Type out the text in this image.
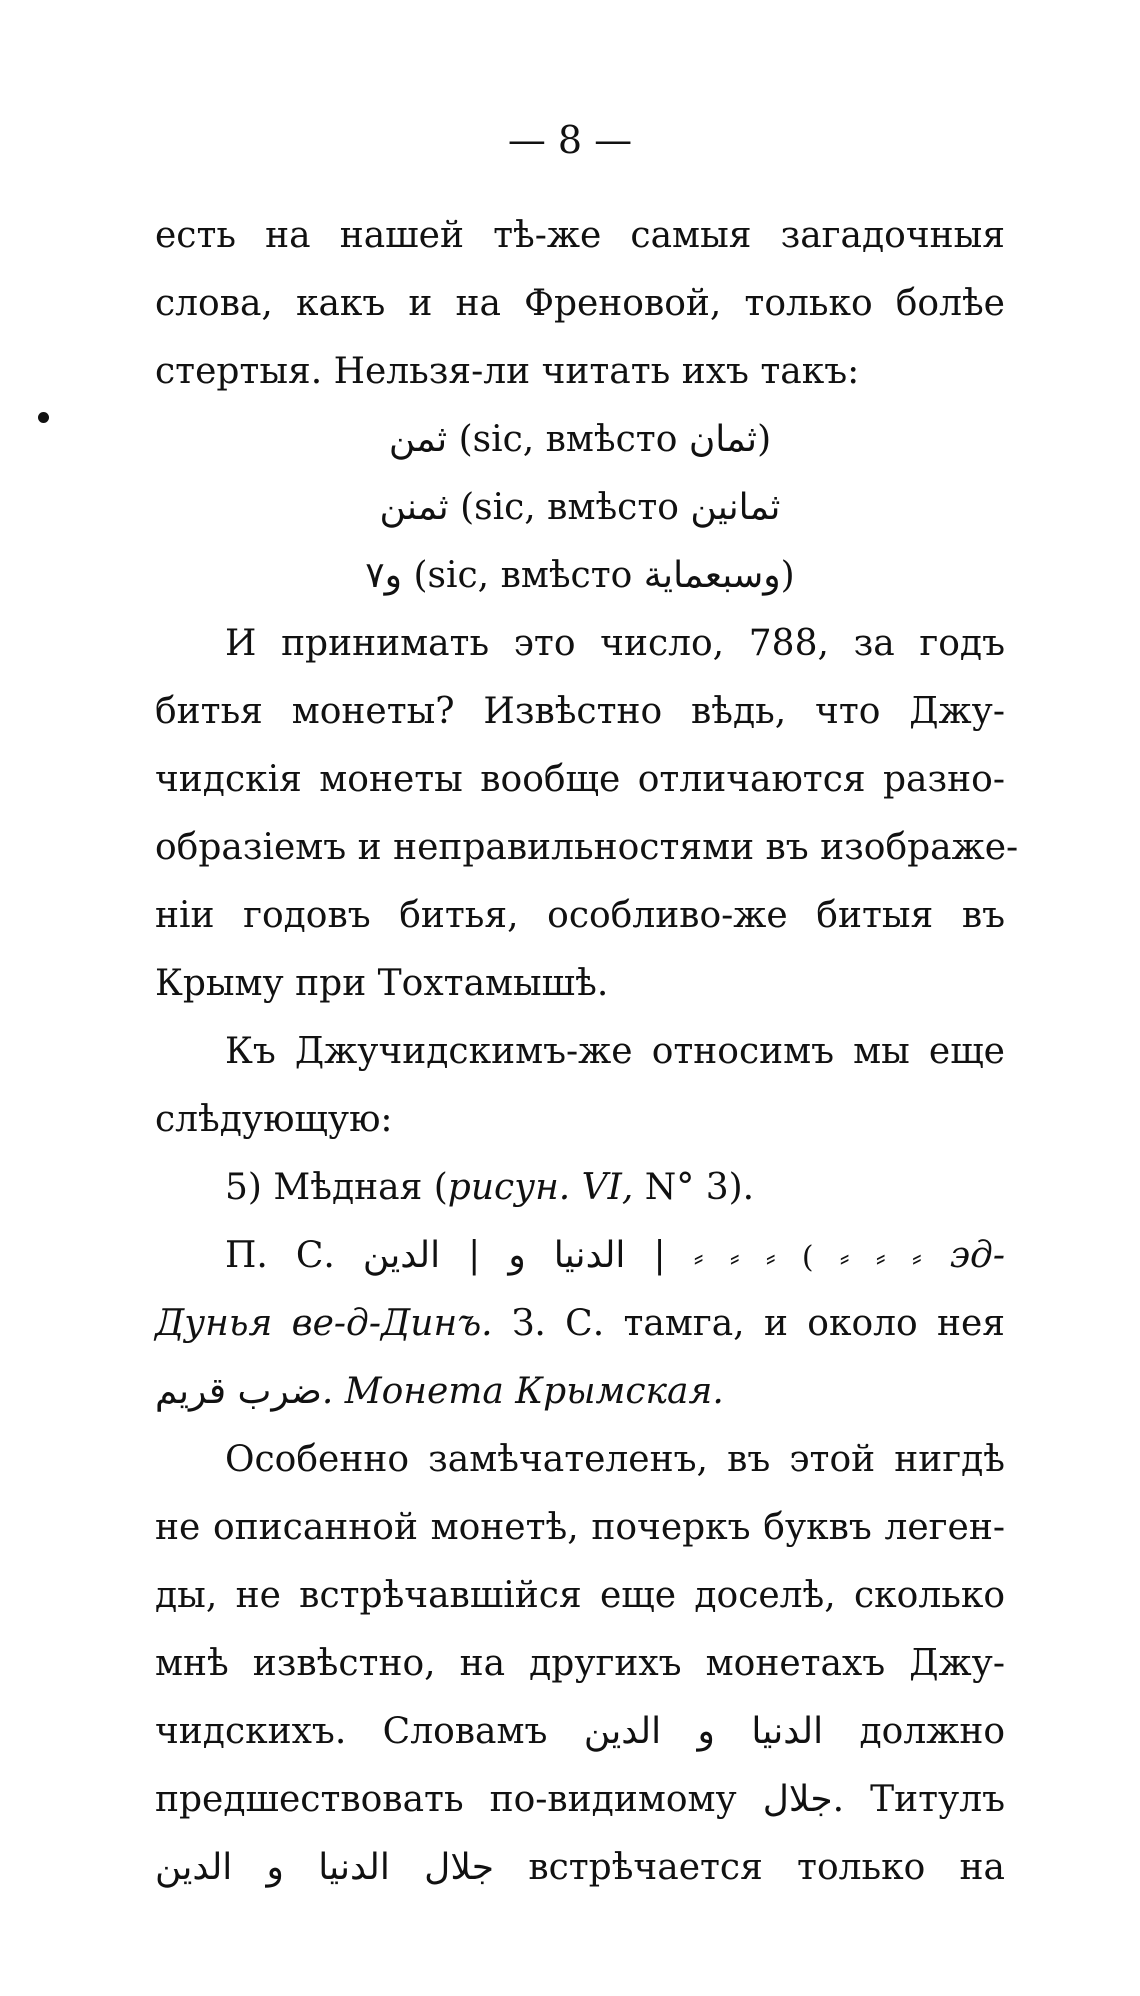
— 8 —
есть на нашей тѣ-же самыя загадочныя
слова, какъ и на Френовой, только болѣе
стертыя. Нельзя-ли читать ихъ такъ:
ثمن (sic, вмѣсто ثمان)
ثمنن (sic, вмѣсто ثمانين
و٧ (sic, вмѣсто وسبعماية)
И принимать это число, 788, за годъ
битья монеты? Извѣстно вѣдь, что Джу-
чидскія монеты вообще отличаются разно-
образіемъ и неправильностями въ изображе-
ніи годовъ битья, особливо-же битыя въ
Крыму при Тохтамышѣ.
Къ Джучидскимъ-же относимъ мы еще
слѣдующую:
5) Мѣдная (рисун. VI, N° 3).
П. С. الدين | الدنيا و | ⸗ ⸗ ⸗ ( ⸗ ⸗ ⸗ эд-
Дунья ве-д-Динъ. З. С. тамга, и около нея
ضرب قريم. Монета Крымская.
Особенно замѣчателенъ, въ этой нигдѣ
не описанной монетѣ, почеркъ буквъ леген-
ды, не встрѣчавшійся еще доселѣ, сколько
мнѣ извѣстно, на другихъ монетахъ Джу-
чидскихъ. Словамъ الدنيا و الدين должно
предшествовать по-видимому جلال. Титулъ
جلال الدنيا و الدين встрѣчается только на
